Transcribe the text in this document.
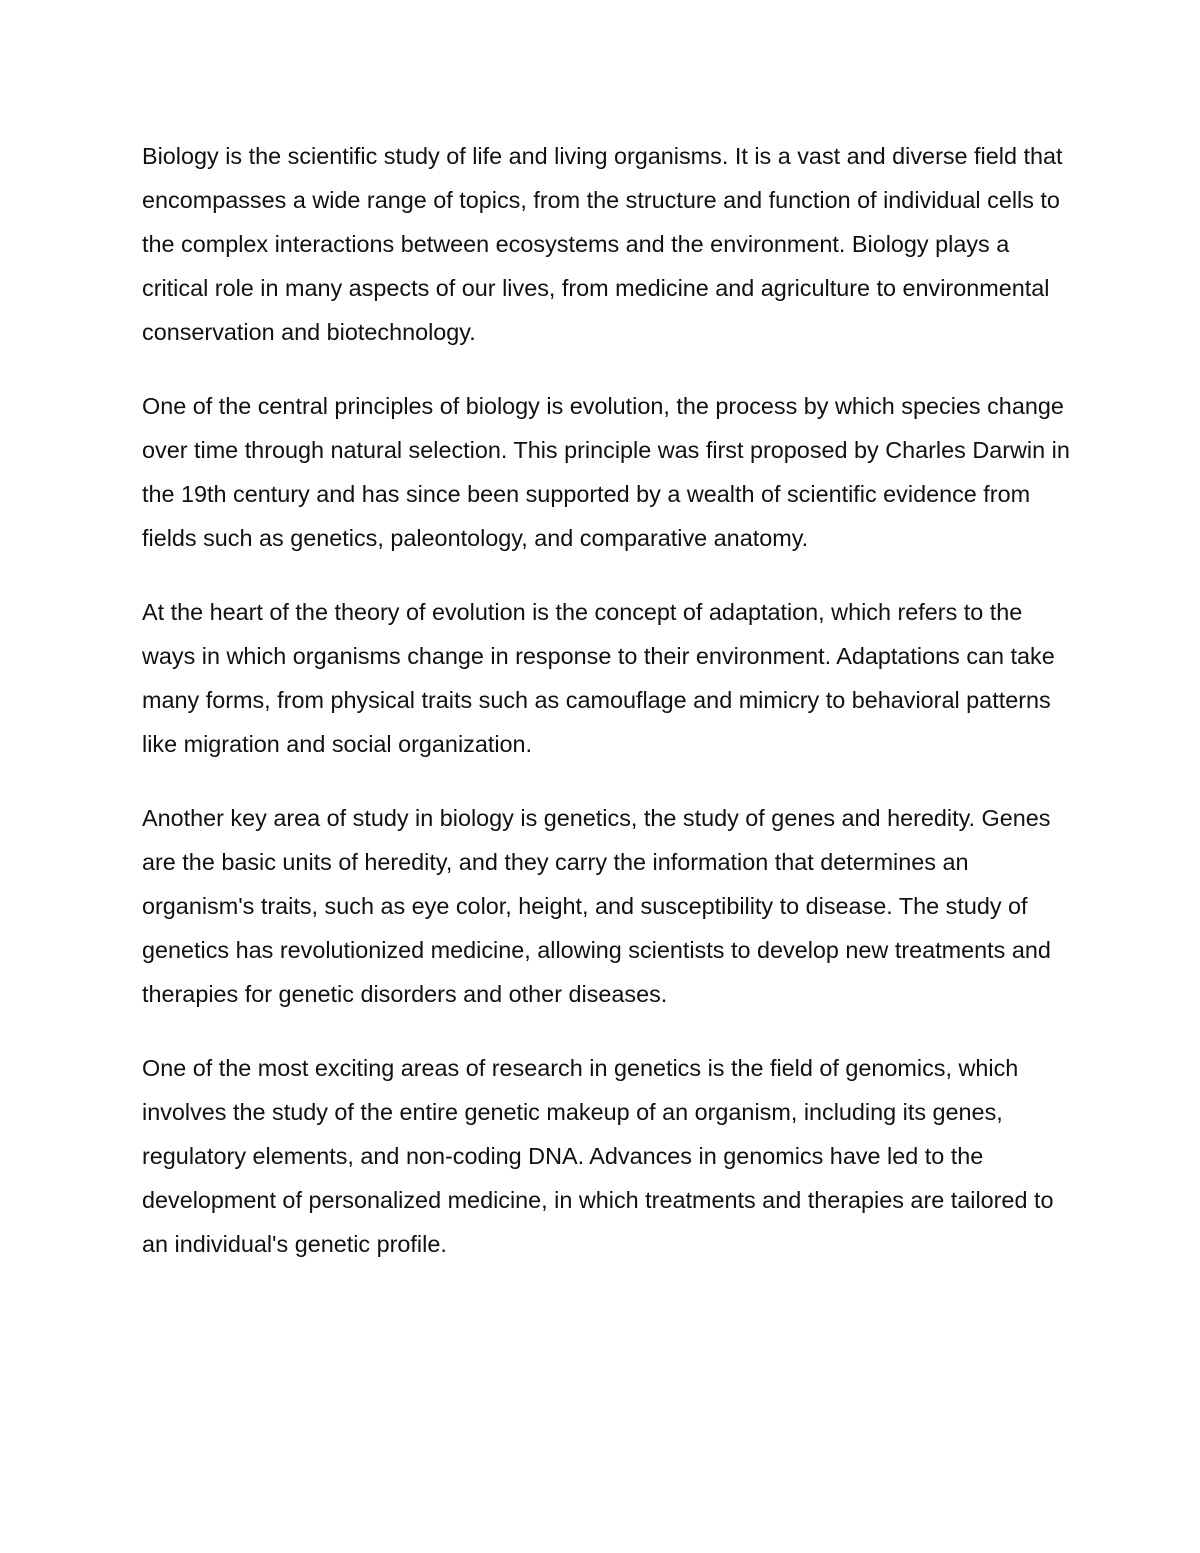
Biology is the scientific study of life and living organisms. It is a vast and diverse field that encompasses a wide range of topics, from the structure and function of individual cells to the complex interactions between ecosystems and the environment. Biology plays a critical role in many aspects of our lives, from medicine and agriculture to environmental conservation and biotechnology.

One of the central principles of biology is evolution, the process by which species change over time through natural selection. This principle was first proposed by Charles Darwin in the 19th century and has since been supported by a wealth of scientific evidence from fields such as genetics, paleontology, and comparative anatomy.

At the heart of the theory of evolution is the concept of adaptation, which refers to the ways in which organisms change in response to their environment. Adaptations can take many forms, from physical traits such as camouflage and mimicry to behavioral patterns like migration and social organization.

Another key area of study in biology is genetics, the study of genes and heredity. Genes are the basic units of heredity, and they carry the information that determines an organism's traits, such as eye color, height, and susceptibility to disease. The study of genetics has revolutionized medicine, allowing scientists to develop new treatments and therapies for genetic disorders and other diseases.

One of the most exciting areas of research in genetics is the field of genomics, which involves the study of the entire genetic makeup of an organism, including its genes, regulatory elements, and non-coding DNA. Advances in genomics have led to the development of personalized medicine, in which treatments and therapies are tailored to an individual's genetic profile.
